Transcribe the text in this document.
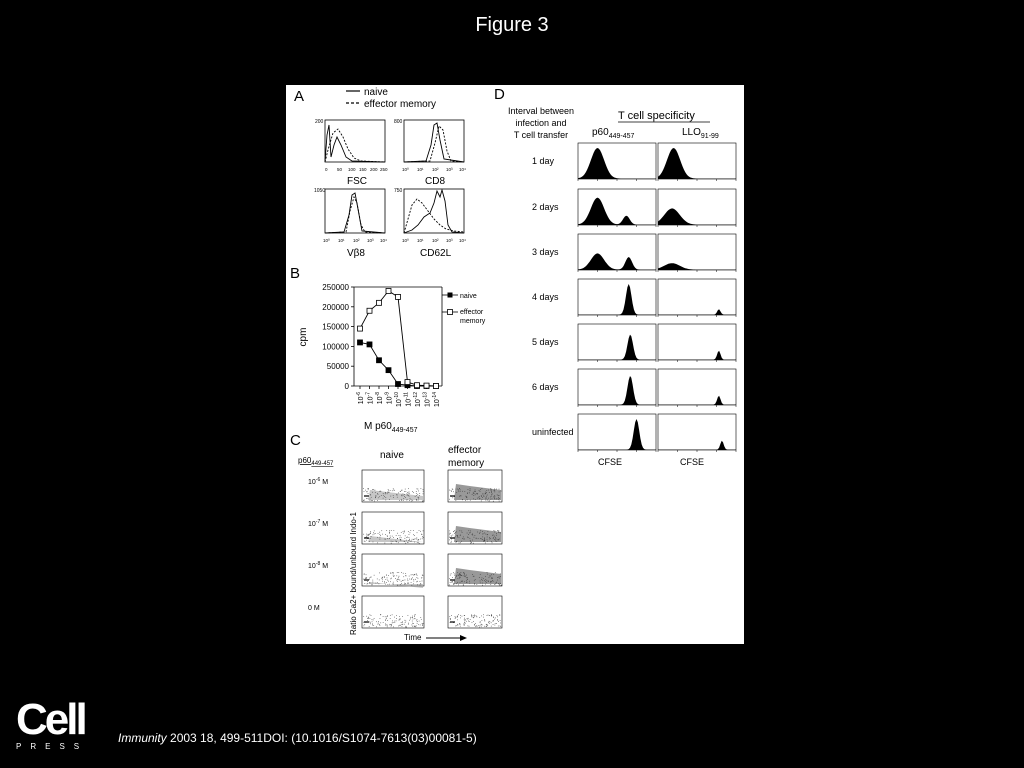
Figure 3
A	naive
effector memory
200
0 50 100 150 200 250
FSC
800
10⁰ 10¹ 10² 10³ 10⁴
CD8
1050
10⁰ 10¹ 10² 10³ 10⁴
Vβ8
750
10⁰ 10¹ 10² 10³ 10⁴
CD62L
B
0
50000
100000
150000
200000
250000
$10^{-6}$
$10^{-7}$
$10^{-8}$
$10^{-9}$
$10^{-10}$
$10^{-11}$
$10^{-12}$
$10^{-13}$
$10^{-14}$
cpm
M $p60_{449-457}$
naive
effector
memory
C
$p60_{449-457}$
naive	effector
memory
$10^{-6}$ M
$10^{-7}$ M
$10^{-8}$ M
0 M	Ratio Ca2+ bound/unbound Indo-1
Time
D
Interval between
infection and
T cell transfer
T cell specificity
$p60_{449-457}$	$LLO_{91-99}$
1 day
2 days
3 days
4 days
5 days
6 days
uninfected
CFSE	CFSE
Cell
PRESS
Immunity 2003 18, 499-511DOI: (10.1016/S1074-7613(03)00081-5)
